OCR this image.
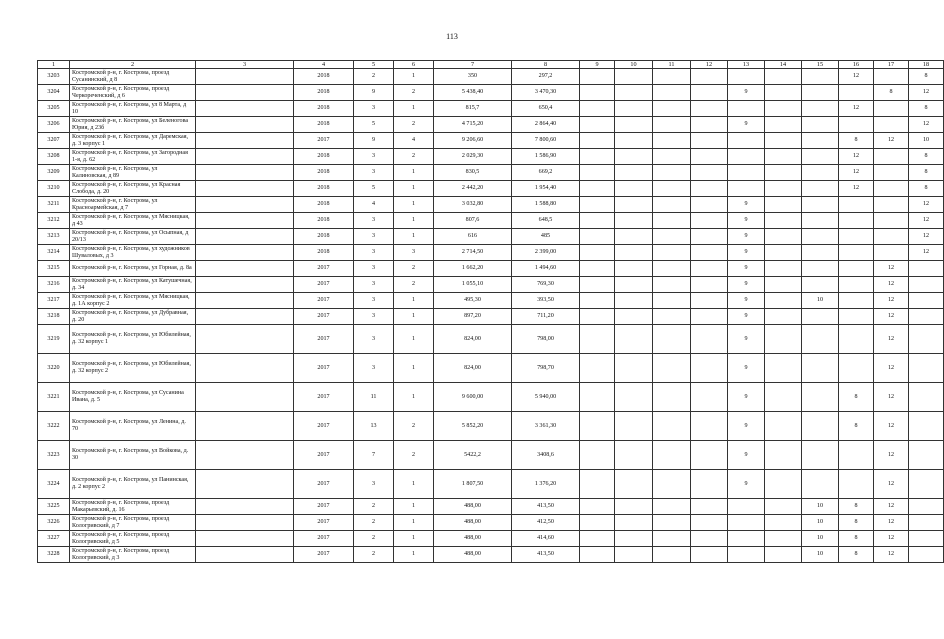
113
1	2	3	4	5	6	7	8	9	10	11	12	13	14	15	16	17	18
3203	Костромской р-н, г. Кострома, проезд Сусанинский, д 8		2018	2	1	350	297,2								12		8
3204	Костромской р-н, г. Кострома, проезд Черкореченский, д 6		2018	9	2	5 438,40	3 470,30					9				8	12
3205	Костромской р-н, г. Кострома, ул 8 Марта, д 10		2018	3	1	815,7	650,4								12		8
3206	Костромской р-н, г. Кострома, ул Беленогова Юрия, д 23б		2018	5	2	4 715,20	2 864,40					9					12
3207	Костромской р-н, г. Кострома, ул Даремская, д. 3 корпус 1		2017	9	4	9 206,60	7 800,60								8	12	10
3208	Костромской р-н, г. Кострома, ул Загородная 1-я, д. 62		2018	3	2	2 029,30	1 586,90								12		8
3209	Костромской р-н, г. Кострома, ул Калиновская, д 89		2018	3	1	830,5	669,2								12		8
3210	Костромской р-н, г. Кострома, ул Красная Слобода, д. 20		2018	5	1	2 442,20	1 954,40								12		8
3211	Костромской р-н, г. Кострома, ул Красноармейская, д 7		2018	4	1	3 032,80	1 588,80					9					12
3212	Костромской р-н, г. Кострома, ул Мясницкая, д 43		2018	3	1	807,6	648,5					9					12
3213	Костромской р-н, г. Кострома, ул Осыпная, д 20/13		2018	3	1	616	485					9					12
3214	Костромской р-н, г. Кострома, ул художников Шуваловых, д 3		2018	3	3	2 714,50	2 399,00					9					12
3215	Костромской р-н, г. Кострома, ул Горная, д. 8а		2017	3	2	1 662,20	1 494,60					9				12	
3216	Костромской р-н, г. Кострома, ул Катушечная, д. 34		2017	3	2	1 055,10	769,30					9				12	
3217	Костромской р-н, г. Кострома, ул Мясницкая, д. 1А корпус 2		2017	3	1	495,30	393,50					9		10		12	
3218	Костромской р-н, г. Кострома, ул Дубравная, д. 20		2017	3	1	897,20	711,20					9				12	
3219	Костромской р-н, г. Кострома, ул Юбилейная, д. 32 корпус 1		2017	3	1	824,00	798,00					9				12	
3220	Костромской р-н, г. Кострома, ул Юбилейная, д. 32 корпус 2		2017	3	1	824,00	798,70					9				12	
3221	Костромской р-н, г. Кострома, ул Сусанина Ивана, д. 5		2017	11	1	9 600,00	5 940,00					9			8	12	
3222	Костромской р-н, г. Кострома, ул Ленина, д. 70		2017	13	2	5 852,20	3 361,30					9			8	12	
3223	Костромской р-н, г. Кострома, ул Войкова, д. 30		2017	7	2	5422,2	3408,6					9				12	
3224	Костромской р-н, г. Кострома, ул Панинская, д. 2 корпус 2		2017	3	1	1 807,50	1 376,20					9				12	
3225	Костромской р-н, г. Кострома, проезд Макарьевский, д. 16		2017	2	1	488,00	413,50							10	8	12	
3226	Костромской р-н, г. Кострома, проезд Кологривский, д 7		2017	2	1	488,00	412,50							10	8	12	
3227	Костромской р-н, г. Кострома, проезд Кологривский, д 5		2017	2	1	488,00	414,60							10	8	12	
3228	Костромской р-н, г. Кострома, проезд Кологривский, д 3		2017	2	1	488,00	413,50							10	8	12	
